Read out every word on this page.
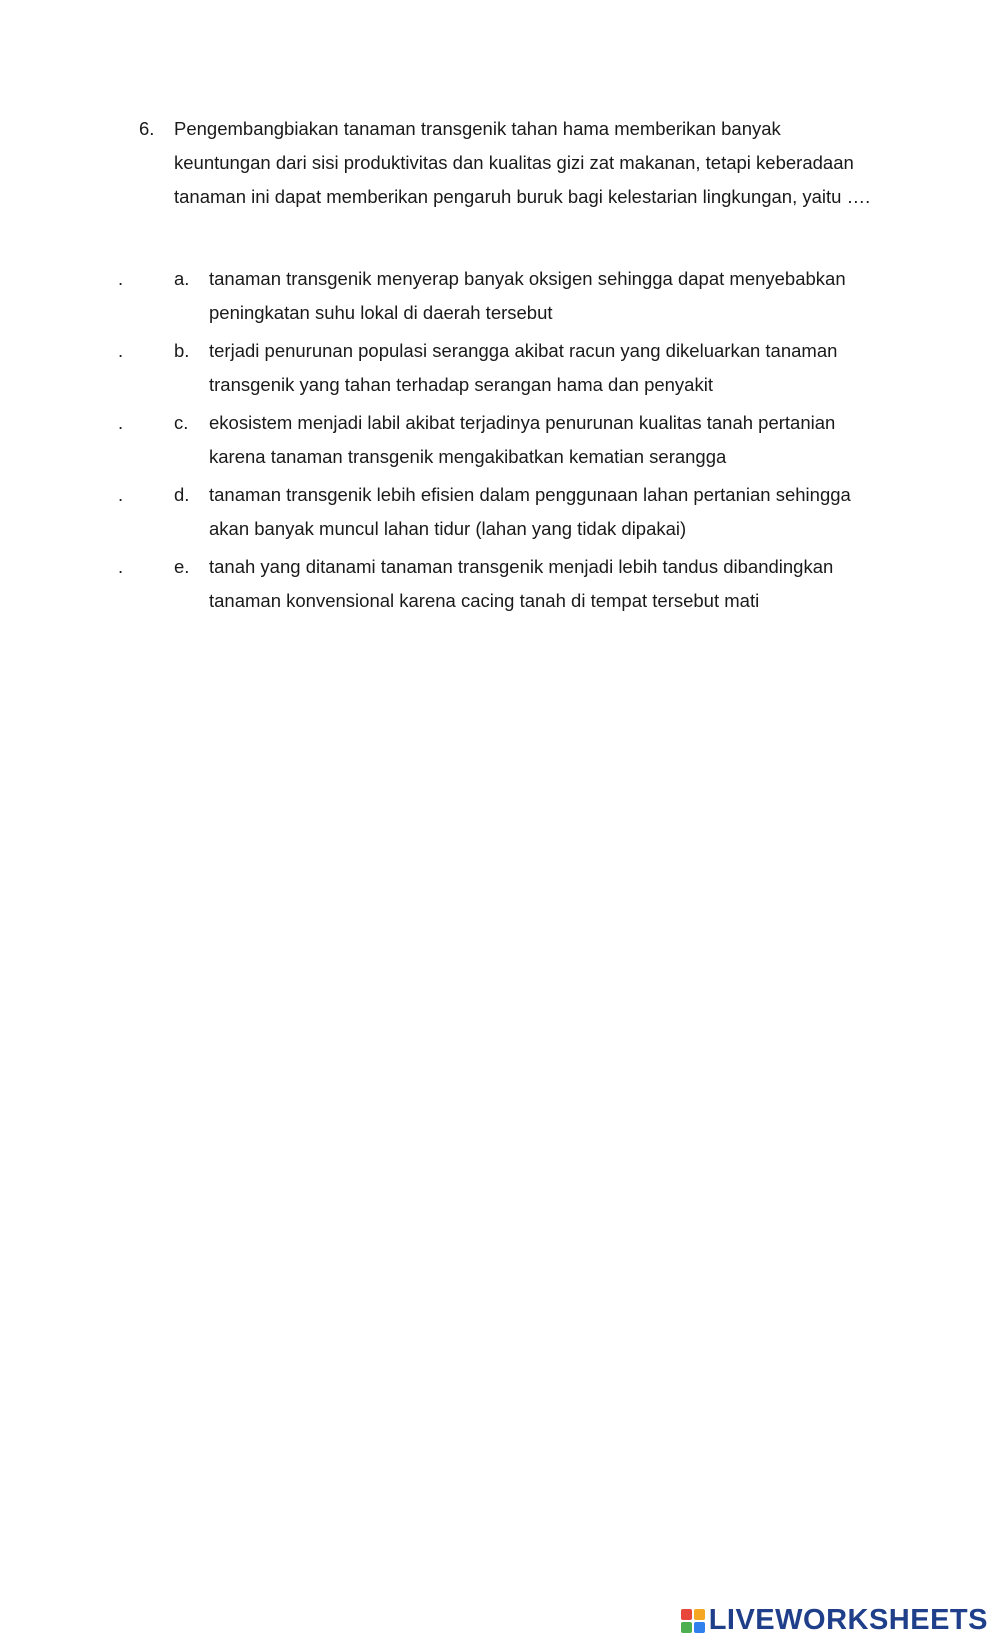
6. Pengembangbiakan tanaman transgenik tahan hama memberikan banyak keuntungan dari sisi produktivitas dan kualitas gizi zat makanan, tetapi keberadaan tanaman ini dapat memberikan pengaruh buruk bagi kelestarian lingkungan, yaitu ….
.	a. tanaman transgenik menyerap banyak oksigen sehingga dapat menyebabkan peningkatan suhu lokal di daerah tersebut
.	b. terjadi penurunan populasi serangga akibat racun yang dikeluarkan tanaman transgenik yang tahan terhadap serangan hama dan penyakit
.	c. ekosistem menjadi labil akibat terjadinya penurunan kualitas tanah pertanian karena tanaman transgenik mengakibatkan kematian serangga
.	d. tanaman transgenik lebih efisien dalam penggunaan lahan pertanian sehingga akan banyak muncul lahan tidur (lahan yang tidak dipakai)
.	e. tanah yang ditanami tanaman transgenik menjadi lebih tandus dibandingkan tanaman konvensional karena cacing tanah di tempat tersebut mati
LIVEWORKSHEETS
